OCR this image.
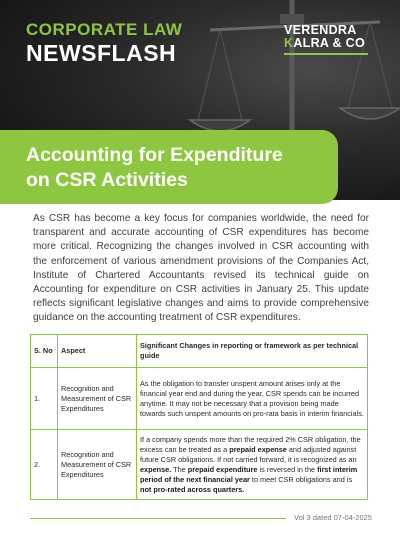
CORPORATE LAW
NEWSFLASH
VERENDRA
KALRA & CO
Accounting for Expenditure
on CSR Activities
As CSR has become a key focus for companies worldwide, the need for transparent and accurate accounting of CSR expenditures has become more critical. Recognizing the changes involved in CSR accounting with the enforcement of various amendment provisions of the Companies Act, Institute of Chartered Accountants revised its technical guide on Accounting for expenditure on CSR activities in January 25. This update reflects significant legislative changes and aims to provide comprehensive guidance on the accounting treatment of CSR expenditures.
S. No	Aspect	Significant Changes in reporting or framework as per technical guide
1.	Recognition and Measurement of CSR Expenditures	As the obligation to transfer unspent amount arises only at the financial year end and during the year, CSR spends can be incurred anytime. It may not be necessary that a provision being made towards such unspent amounts on pro-rata basis in interim financials.
2.	Recognition and Measurement of CSR Expenditures	If a company spends more than the required 2% CSR obligation, the excess can be treated as a prepaid expense and adjusted against future CSR obligations. If not carried forward, it is recognized as an expense. The prepaid expenditure is reversed in the first interim period of the next financial year to meet CSR obligations and is not pro-rated across quarters.
Vol 3 dated 07-04-2025
